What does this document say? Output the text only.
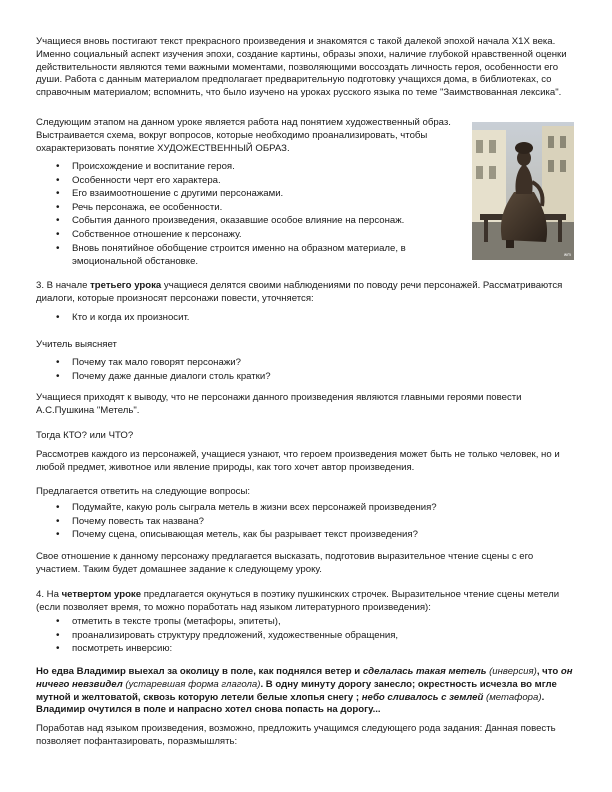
Учащиеся вновь постигают текст прекрасного произведения и знакомятся с такой далекой эпохой начала Х1Х века. Именно социальный аспект изучения эпохи, создание картины, образы эпохи, наличие глубокой нравственной оценки действительности являются теми важными моментами, позволяющими воссоздать личность героя, особенности его души. Работа с данным материалом предполагает предварительную подготовку учащихся дома, в библиотеках, со справочным материалом; вспомнить, что было изучено на уроках русского языка по теме "Заимствованная лексика".

Следующим этапом на данном уроке является работа над понятием художественный образ. Выстраивается схема, вокруг вопросов, которые необходимо проанализировать, чтобы охарактеризовать понятие ХУДОЖЕСТВЕННЫЙ ОБРАЗ.

wm
• Происхождение и воспитание героя.
• Особенности черт его характера.
• Его взаимоотношение с другими персонажами.
• Речь персонажа, ее особенности.
• События данного произведения, оказавшие особое влияние на персонаж.
• Собственное отношение к персонажу.
• Вновь понятийное обобщение строится именно на образном материале, в эмоциональной обстановке.

3. В начале третьего урока учащиеся делятся своими наблюдениями по поводу речи персонажей. Рассматриваются диалоги, которые произносят персонажи повести, уточняется:

• Кто и когда их произносит.

Учитель выясняет

• Почему так мало говорят персонажи?
• Почему даже данные диалоги столь кратки?

Учащиеся приходят к выводу, что не персонажи данного произведения являются главными героями повести А.С.Пушкина "Метель".

Тогда КТО? или ЧТО?

Рассмотрев каждого из персонажей, учащиеся узнают, что героем произведения может быть не только человек, но и любой предмет, животное или явление природы, как того хочет автор произведения.

Предлагается ответить на следующие вопросы:

• Подумайте, какую роль сыграла метель в жизни всех персонажей произведения?
• Почему повесть так названа?
• Почему сцена, описывающая метель, как бы разрывает текст произведения?

Свое отношение к данному персонажу предлагается высказать, подготовив выразительное чтение сцены с его участием. Таким будет домашнее задание к следующему уроку.

4. На четвертом уроке предлагается окунуться в поэтику пушкинских строчек. Выразительное чтение сцены метели (если позволяет время, то можно поработать над языком литературного произведения):

• отметить в тексте тропы (метафоры, эпитеты),
• проанализировать структуру предложений, художественные обращения,
• посмотреть инверсию:

Но едва Владимир выехал за околицу в поле, как поднялся ветер и сделалась такая метель (инверсия), что он ничего невзвидел (устаревшая форма глагола). В одну минуту дорогу занесло; окрестность исчезла во мгле мутной и желтоватой, сквозь которую летели белые хлопья снегу ; небо сливалось с землей (метафора). Владимир очутился в поле и напрасно хотел снова попасть на дорогу...

Поработав над языком произведения, возможно, предложить учащимся следующего рода задания: Данная повесть позволяет пофантазировать, поразмышлять:
